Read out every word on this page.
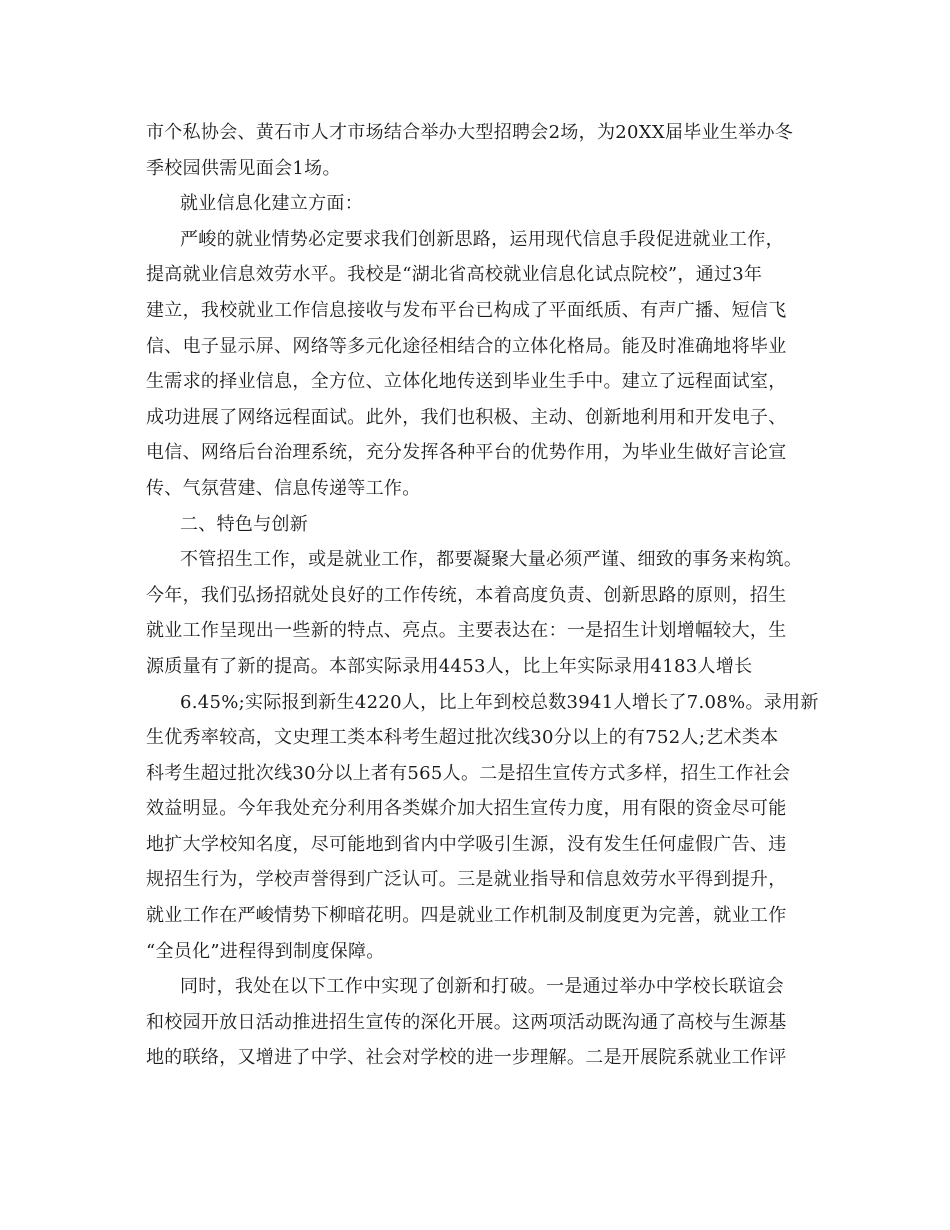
市个私协会、黄石市人才市场结合举办大型招聘会2场，为20XX届毕业生举办冬
季校园供需见面会1场。
就业信息化建立方面：
严峻的就业情势必定要求我们创新思路，运用现代信息手段促进就业工作，
提高就业信息效劳水平。我校是“湖北省高校就业信息化试点院校”，通过3年
建立，我校就业工作信息接收与发布平台已构成了平面纸质、有声广播、短信飞
信、电子显示屏、网络等多元化途径相结合的立体化格局。能及时准确地将毕业
生需求的择业信息，全方位、立体化地传送到毕业生手中。建立了远程面试室，
成功进展了网络远程面试。此外，我们也积极、主动、创新地利用和开发电子、
电信、网络后台治理系统，充分发挥各种平台的优势作用，为毕业生做好言论宣
传、气氛营建、信息传递等工作。
二、特色与创新
不管招生工作，或是就业工作，都要凝聚大量必须严谨、细致的事务来构筑。
今年，我们弘扬招就处良好的工作传统，本着高度负责、创新思路的原则，招生
就业工作呈现出一些新的特点、亮点。主要表达在：一是招生计划增幅较大，生
源质量有了新的提高。本部实际录用4453人，比上年实际录用4183人增长
6.45%;实际报到新生4220人，比上年到校总数3941人增长了7.08%。录用新
生优秀率较高，文史理工类本科考生超过批次线30分以上的有752人;艺术类本
科考生超过批次线30分以上者有565人。二是招生宣传方式多样，招生工作社会
效益明显。今年我处充分利用各类媒介加大招生宣传力度，用有限的资金尽可能
地扩大学校知名度，尽可能地到省内中学吸引生源，没有发生任何虚假广告、违
规招生行为，学校声誉得到广泛认可。三是就业指导和信息效劳水平得到提升，
就业工作在严峻情势下柳暗花明。四是就业工作机制及制度更为完善，就业工作
“全员化”进程得到制度保障。
同时，我处在以下工作中实现了创新和打破。一是通过举办中学校长联谊会
和校园开放日活动推进招生宣传的深化开展。这两项活动既沟通了高校与生源基
地的联络，又增进了中学、社会对学校的进一步理解。二是开展院系就业工作评
